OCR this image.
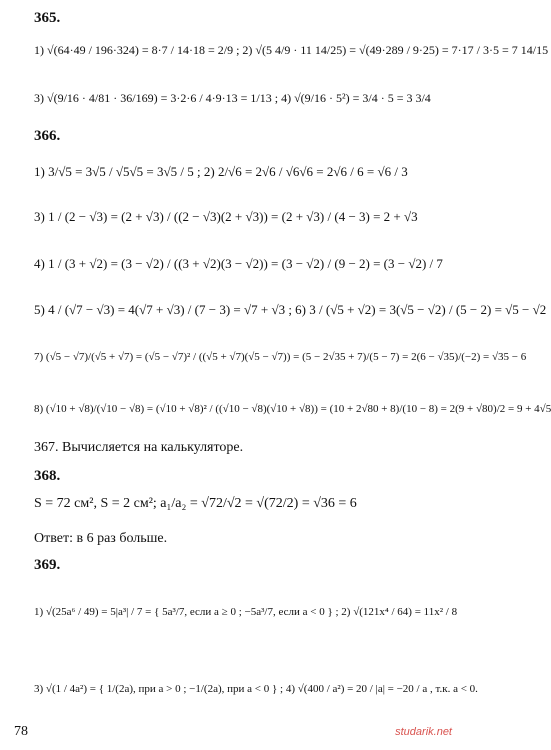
365.
1) √(64·49 / 196·324) = 8·7 / 14·18 = 2/9 ; 2) √(5 4/9 · 11 14/25) = √(49·289 / 9·25) = 7·17 / 3·5 = 7 14/15
3) √(9/16 · 4/81 · 36/169) = 3·2·6 / 4·9·13 = 1/13 ; 4) √(9/16 · 5²) = 3/4 · 5 = 3 3/4
366.
1) 3/√5 = 3√5 / √5√5 = 3√5 / 5 ; 2) 2/√6 = 2√6 / √6√6 = 2√6 / 6 = √6 / 3
3) 1 / (2 − √3) = (2 + √3) / ((2 − √3)(2 + √3)) = (2 + √3) / (4 − 3) = 2 + √3
4) 1 / (3 + √2) = (3 − √2) / ((3 + √2)(3 − √2)) = (3 − √2) / (9 − 2) = (3 − √2) / 7
5) 4 / (√7 − √3) = 4(√7 + √3) / (7 − 3) = √7 + √3 ; 6) 3 / (√5 + √2) = 3(√5 − √2) / (5 − 2) = √5 − √2
7) (√5 − √7)/(√5 + √7) = (√5 − √7)² / ((√5 + √7)(√5 − √7)) = (5 − 2√35 + 7)/(5 − 7) = 2(6 − √35)/(−2) = √35 − 6
8) (√10 + √8)/(√10 − √8) = (√10 + √8)² / ((√10 − √8)(√10 + √8)) = (10 + 2√80 + 8)/(10 − 8) = 2(9 + √80)/2 = 9 + 4√5
367. Вычисляется на калькуляторе.
368.
S = 72 см², S = 2 см²; a₁/a₂ = √72/√2 = √(72/2) = √36 = 6
Ответ: в 6 раз больше.
369.
1) √(25a⁶ / 49) = 5|a³| / 7 = { 5a³/7, если a ≥ 0 ; −5a³/7, если a < 0 } ; 2) √(121x⁴ / 64) = 11x² / 8
3) √(1 / 4a²) = { 1/(2a), при a > 0 ; −1/(2a), при a < 0 } ; 4) √(400 / a²) = 20 / |a| = −20 / a , т.к. a < 0.
78	studarik.net
